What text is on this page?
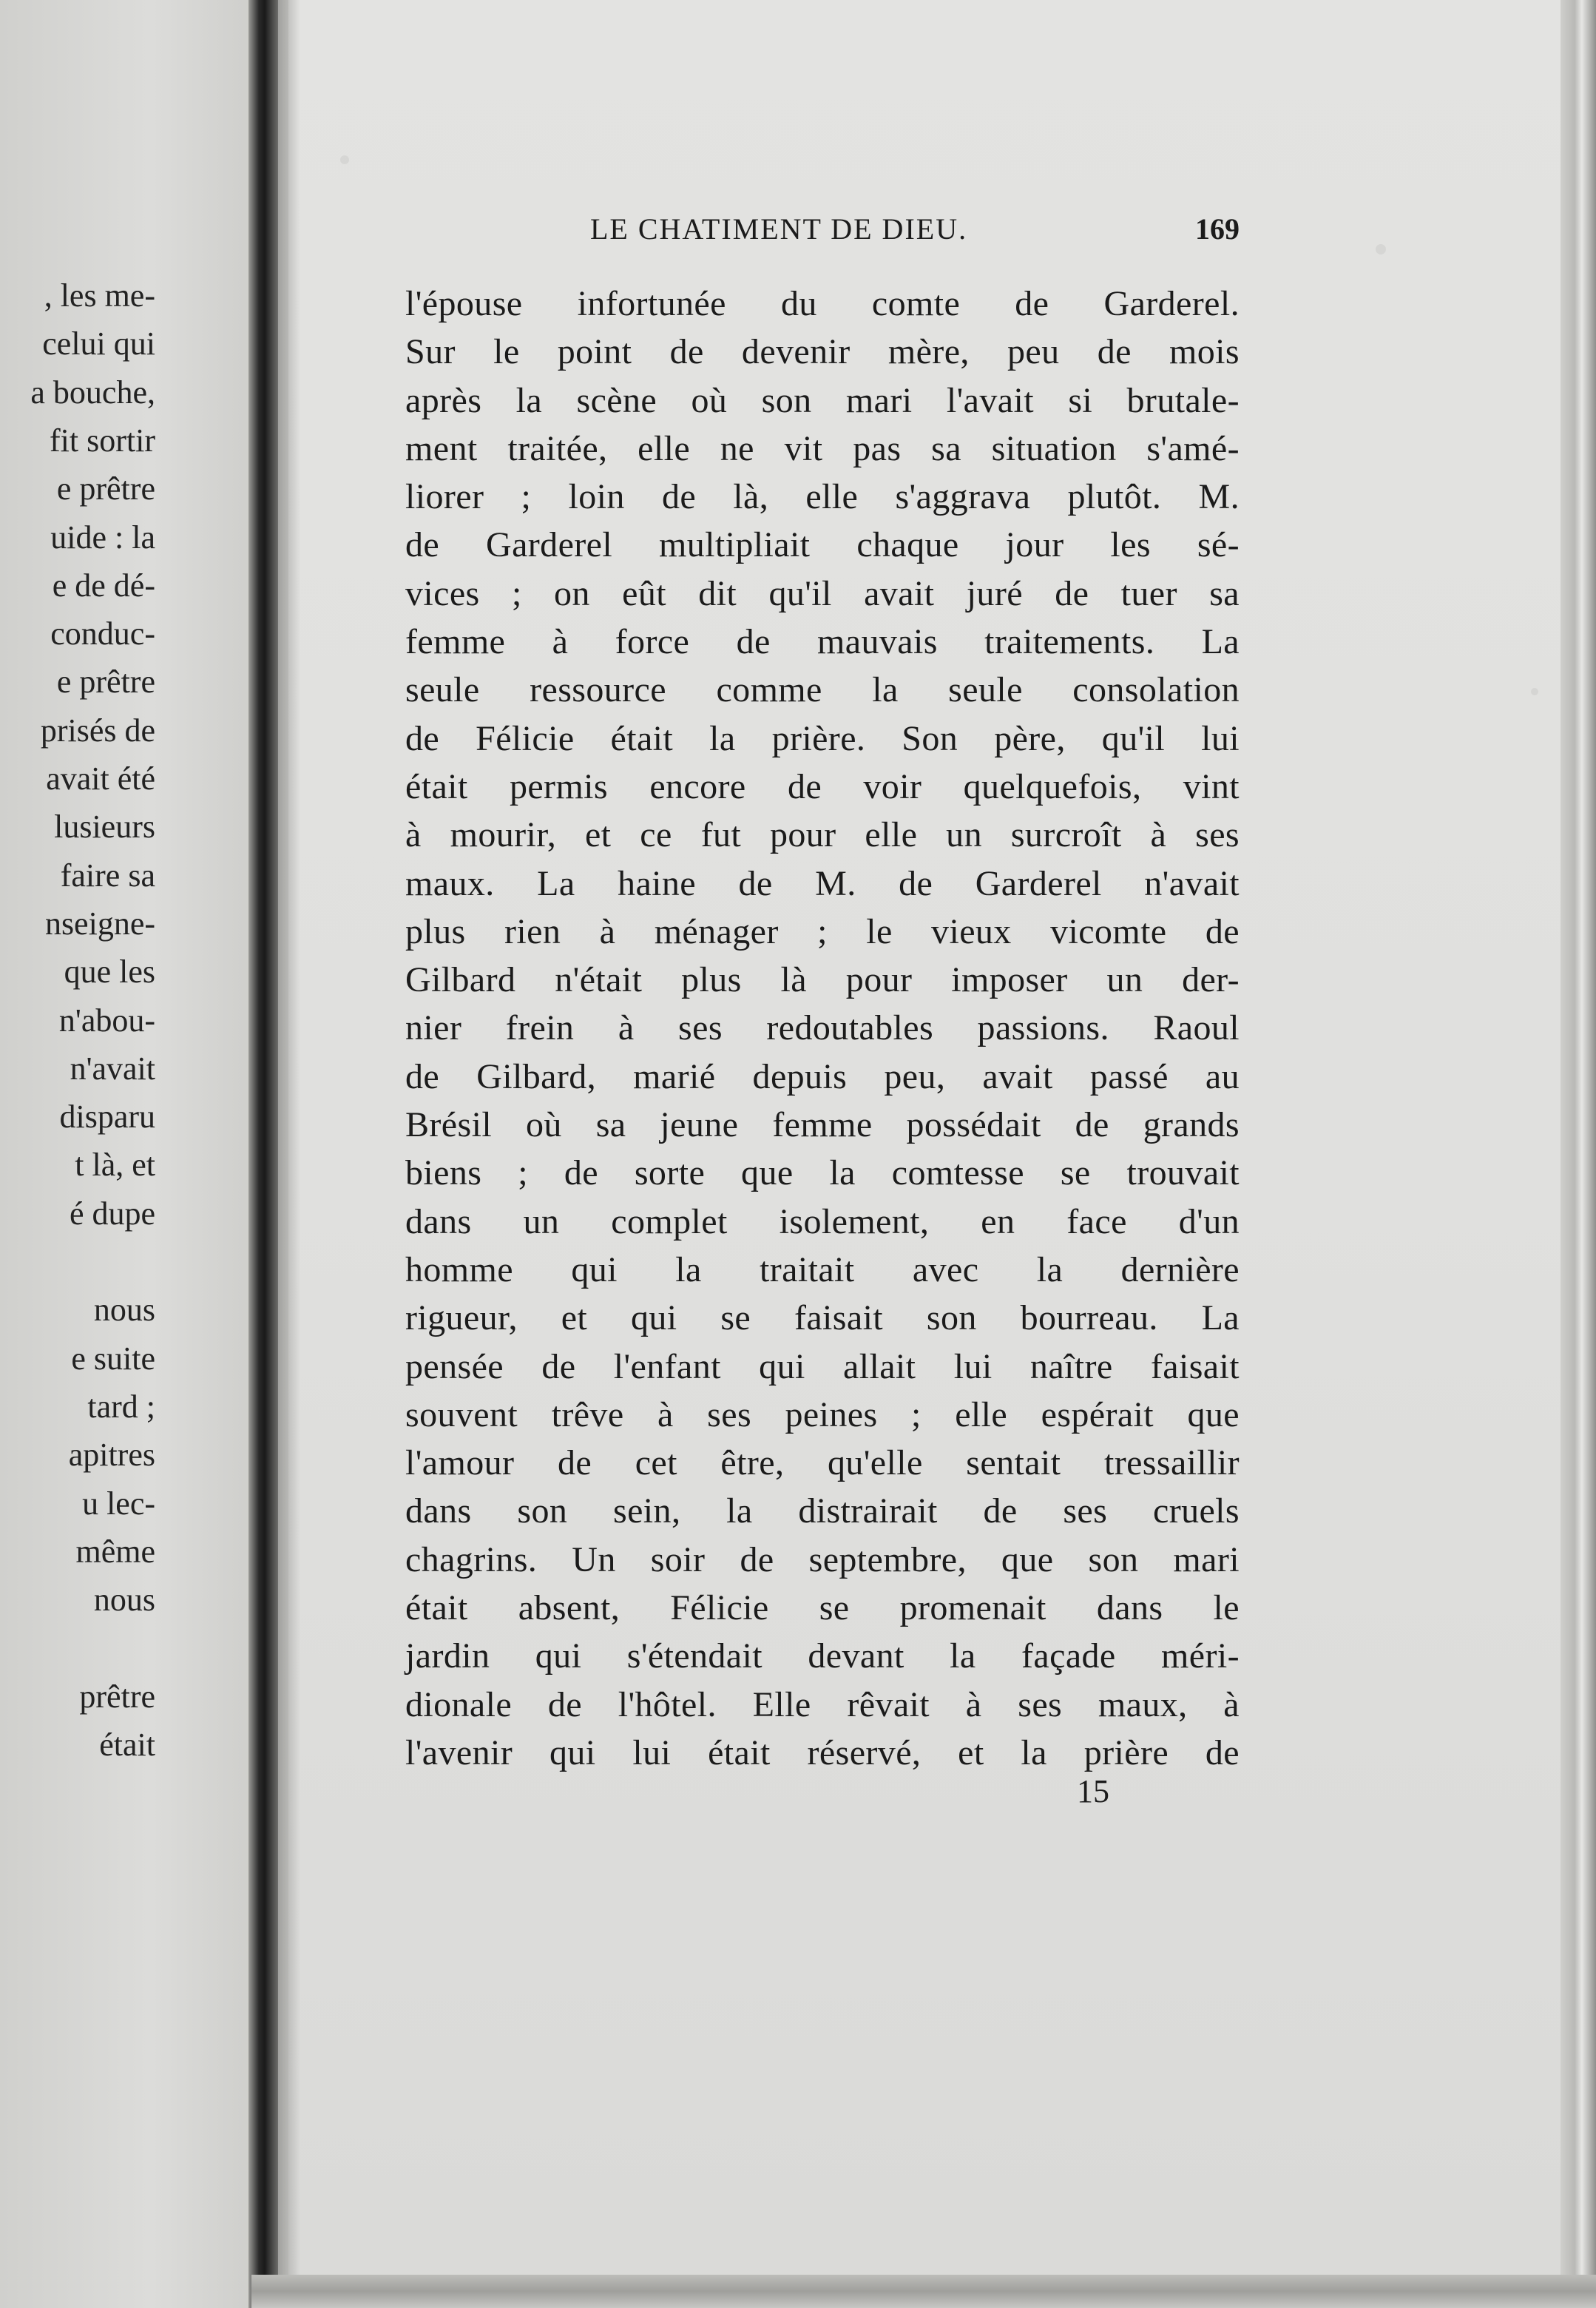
, les me-
celui qui
a bouche,
fit sortir
e prêtre
uide : la
e de dé-
conduc-
e prêtre
prisés de
avait été
lusieurs
faire sa
nseigne-
que les
n'abou-
n'avait
disparu
t là, et
é dupe
nous
e suite
tard ;
apitres
u lec-
même
nous
prêtre
était
LE CHATIMENT DE DIEU.	169
l'épouse infortunée du comte de Garderel.
Sur le point de devenir mère, peu de mois
après la scène où son mari l'avait si brutale-
ment traitée, elle ne vit pas sa situation s'amé-
liorer ; loin de là, elle s'aggrava plutôt. M.
de Garderel multipliait chaque jour les sé-
vices ; on eût dit qu'il avait juré de tuer sa
femme à force de mauvais traitements. La
seule ressource comme la seule consolation
de Félicie était la prière. Son père, qu'il lui
était permis encore de voir quelquefois, vint
à mourir, et ce fut pour elle un surcroît à ses
maux. La haine de M. de Garderel n'avait
plus rien à ménager ; le vieux vicomte de
Gilbard n'était plus là pour imposer un der-
nier frein à ses redoutables passions. Raoul
de Gilbard, marié depuis peu, avait passé au
Brésil où sa jeune femme possédait de grands
biens ; de sorte que la comtesse se trouvait
dans un complet isolement, en face d'un
homme qui la traitait avec la dernière
rigueur, et qui se faisait son bourreau. La
pensée de l'enfant qui allait lui naître faisait
souvent trêve à ses peines ; elle espérait que
l'amour de cet être, qu'elle sentait tressaillir
dans son sein, la distrairait de ses cruels
chagrins. Un soir de septembre, que son mari
était absent, Félicie se promenait dans le
jardin qui s'étendait devant la façade méri-
dionale de l'hôtel. Elle rêvait à ses maux, à
l'avenir qui lui était réservé, et la prière de
15
